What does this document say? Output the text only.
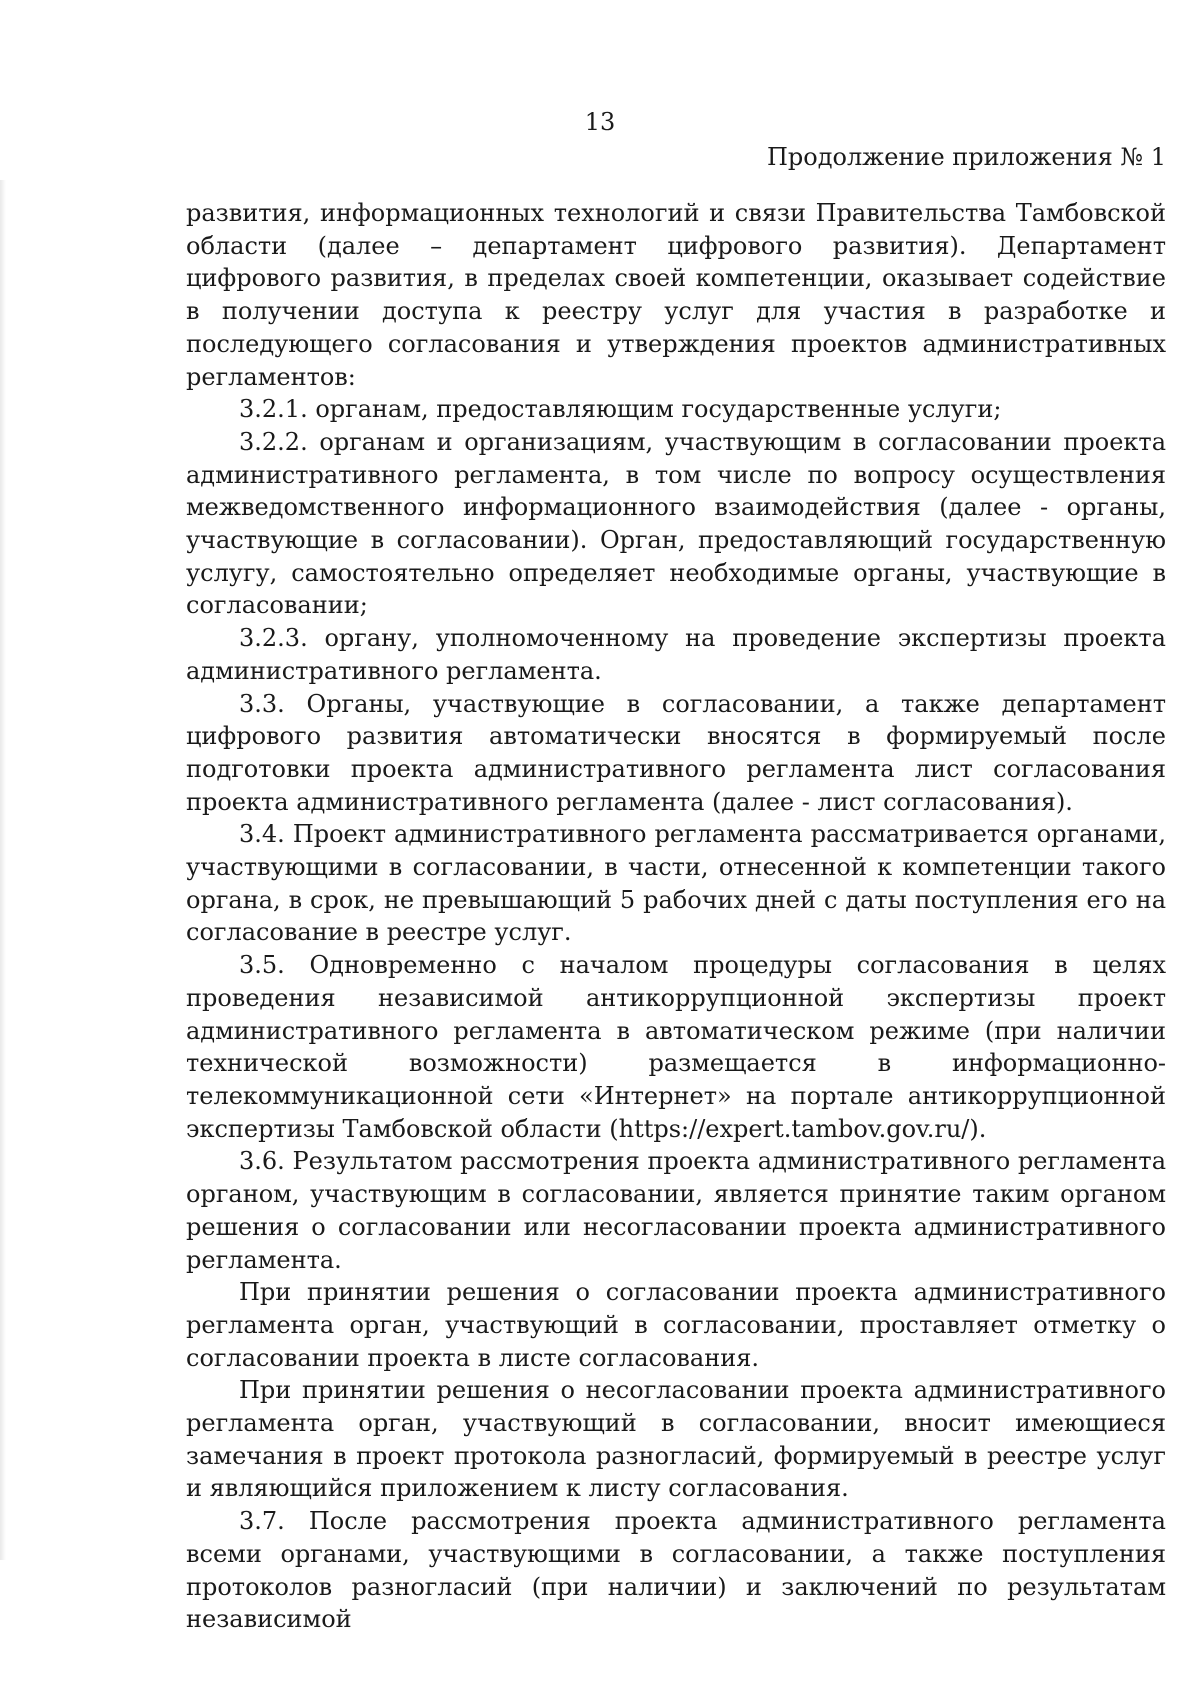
13
Продолжение приложения № 1

развития, информационных технологий и связи Правительства Тамбовской области (далее – департамент цифрового развития). Департамент цифрового развития, в пределах своей компетенции, оказывает содействие в получении доступа к реестру услуг для участия в разработке и последующего согласования и утверждения проектов административных регламентов:

3.2.1. органам, предоставляющим государственные услуги;

3.2.2. органам и организациям, участвующим в согласовании проекта административного регламента, в том числе по вопросу осуществления межведомственного информационного взаимодействия (далее - органы, участвующие в согласовании). Орган, предоставляющий государственную услугу, самостоятельно определяет необходимые органы, участвующие в согласовании;

3.2.3. органу, уполномоченному на проведение экспертизы проекта административного регламента.

3.3. Органы, участвующие в согласовании, а также департамент цифрового развития автоматически вносятся в формируемый после подготовки проекта административного регламента лист согласования проекта административного регламента (далее - лист согласования).

3.4. Проект административного регламента рассматривается органами, участвующими в согласовании, в части, отнесенной к компетенции такого органа, в срок, не превышающий 5 рабочих дней с даты поступления его на согласование в реестре услуг.

3.5. Одновременно с началом процедуры согласования в целях проведения независимой антикоррупционной экспертизы проект административного регламента в автоматическом режиме (при наличии технической возможности) размещается в информационно-телекоммуникационной сети «Интернет» на портале антикоррупционной экспертизы Тамбовской области (https://expert.tambov.gov.ru/).

3.6. Результатом рассмотрения проекта административного регламента органом, участвующим в согласовании, является принятие таким органом решения о согласовании или несогласовании проекта административного регламента.

При принятии решения о согласовании проекта административного регламента орган, участвующий в согласовании, проставляет отметку о согласовании проекта в листе согласования.

При принятии решения о несогласовании проекта административного регламента орган, участвующий в согласовании, вносит имеющиеся замечания в проект протокола разногласий, формируемый в реестре услуг и являющийся приложением к листу согласования.

3.7. После рассмотрения проекта административного регламента всеми органами, участвующими в согласовании, а также поступления протоколов разногласий (при наличии) и заключений по результатам независимой
